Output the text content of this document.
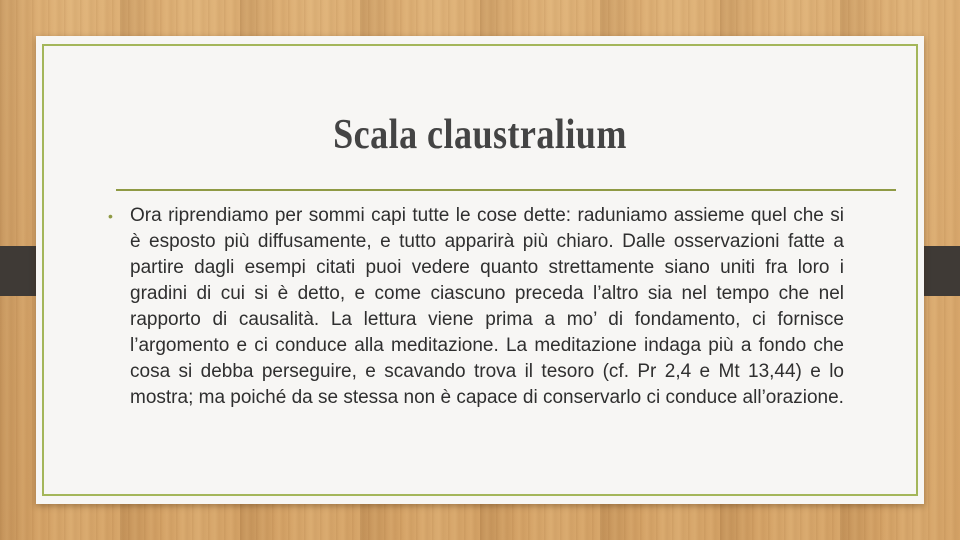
Scala claustralium
• Ora riprendiamo per sommi capi tutte le cose dette: raduniamo assieme quel che si è esposto più diffusamente, e tutto apparirà più chiaro. Dalle osservazioni fatte a partire dagli esempi citati puoi vedere quanto strettamente siano uniti fra loro i gradini di cui si è detto, e come ciascuno preceda l’altro sia nel tempo che nel rapporto di causalità. La lettura viene prima a mo’ di fondamento, ci fornisce l’argomento e ci conduce alla meditazione. La meditazione indaga più a fondo che cosa si debba perseguire, e scavando trova il tesoro (cf. Pr 2,4 e Mt 13,44) e lo mostra; ma poiché da se stessa non è capace di conservarlo ci conduce all’orazione.
